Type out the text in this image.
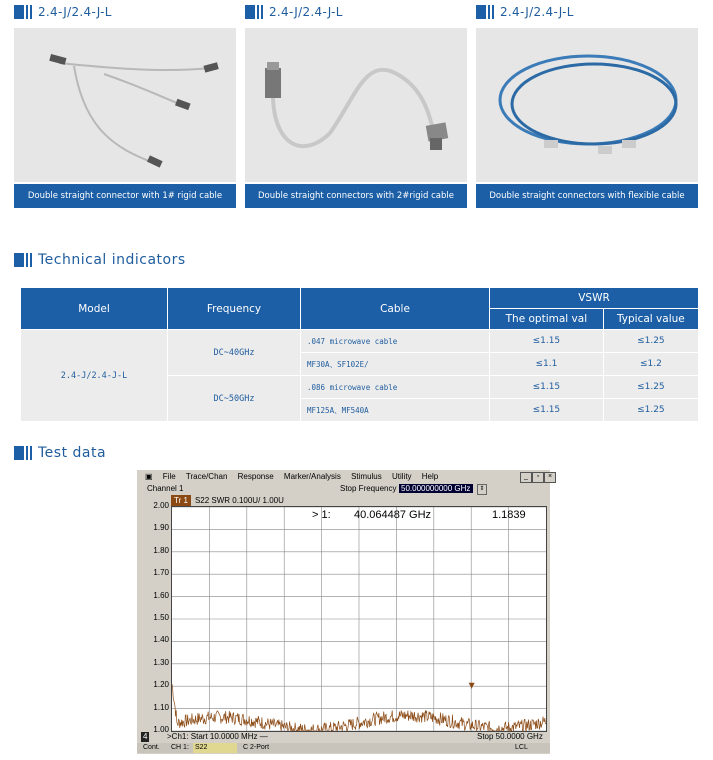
2.4-J/2.4-J-L
Double straight connector with 1# rigid cable
2.4-J/2.4-J-L
Double straight connectors with 2#rigid cable
2.4-J/2.4-J-L
Double straight connectors with flexible cable
Technical indicators
Model	Frequency	Cable	VSWR	
			The optimal val	Typical value
2.4-J/2.4-J-L	DC~40GHz	.047 microwave cable	≤1.15	≤1.25
		MF30A、SF102E/	≤1.1	≤1.2
	DC~50GHz	.086 microwave cable	≤1.15	≤1.25
		MF125A、MF540A	≤1.15	≤1.25
Test data
▣ File Trace/Chan Response Marker/Analysis Stimulus Utility Help	_	▫	×
Channel 1	Stop Frequency 50.000000000 GHz	⇕
Tr 1 S22 SWR 0.100U/ 1.00U
2.00
1.90
1.80
1.70
1.60
1.50
1.40
1.30
1.20
1.10
1.00
> 1: 40.064487 GHz	1.1839
4 >Ch1: Start 10.0000 MHz —	Stop 50.0000 GHz
Cont. CH 1: S22	C 2-Port	LCL
